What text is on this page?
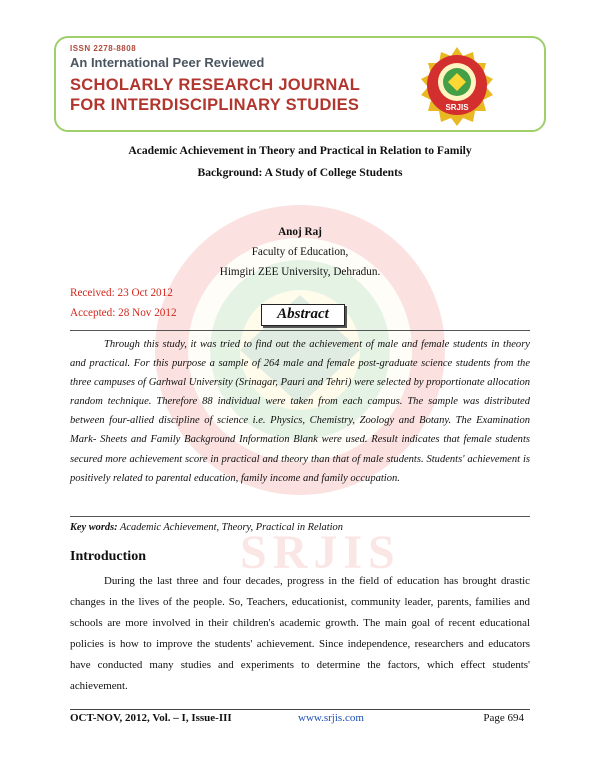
SRJIS
ISSN 2278-8808
An International Peer Reviewed
SCHOLARLY RESEARCH JOURNAL
FOR INTERDISCIPLINARY STUDIES	SRJIS
Academic Achievement in Theory and Practical in Relation to Family
Background: A Study of College Students
Anoj Raj
Faculty of Education,
Himgiri ZEE University, Dehradun.
Received: 23 Oct 2012
Accepted: 28 Nov 2012	Abstract

Through this study, it was tried to find out the achievement of male and female students in theory and practical. For this purpose a sample of 264 male and female post-graduate science students from the three campuses of Garhwal University (Srinagar, Pauri and Tehri) were selected by proportionate allocation random technique. Therefore 88 individual were taken from each campus. The sample was distributed between four-allied discipline of science i.e. Physics, Chemistry, Zoology and Botany. The Examination Mark- Sheets and Family Background Information Blank were used. Result indicates that female students secured more achievement score in practical and theory than that of male students. Students' achievement is positively related to parental education, family income and family occupation.

Key words: Academic Achievement, Theory, Practical in Relation
Introduction

During the last three and four decades, progress in the field of education has brought drastic changes in the lives of the people. So, Teachers, educationist, community leader, parents, families and schools are more involved in their children's academic growth. The main goal of recent educational policies is how to improve the students' achievement. Since independence, researchers and educators have conducted many studies and experiments to determine the factors, which effect students' achievement.

OCT-NOV, 2012, Vol. – I, Issue-III	www.srjis.com	Page 694
